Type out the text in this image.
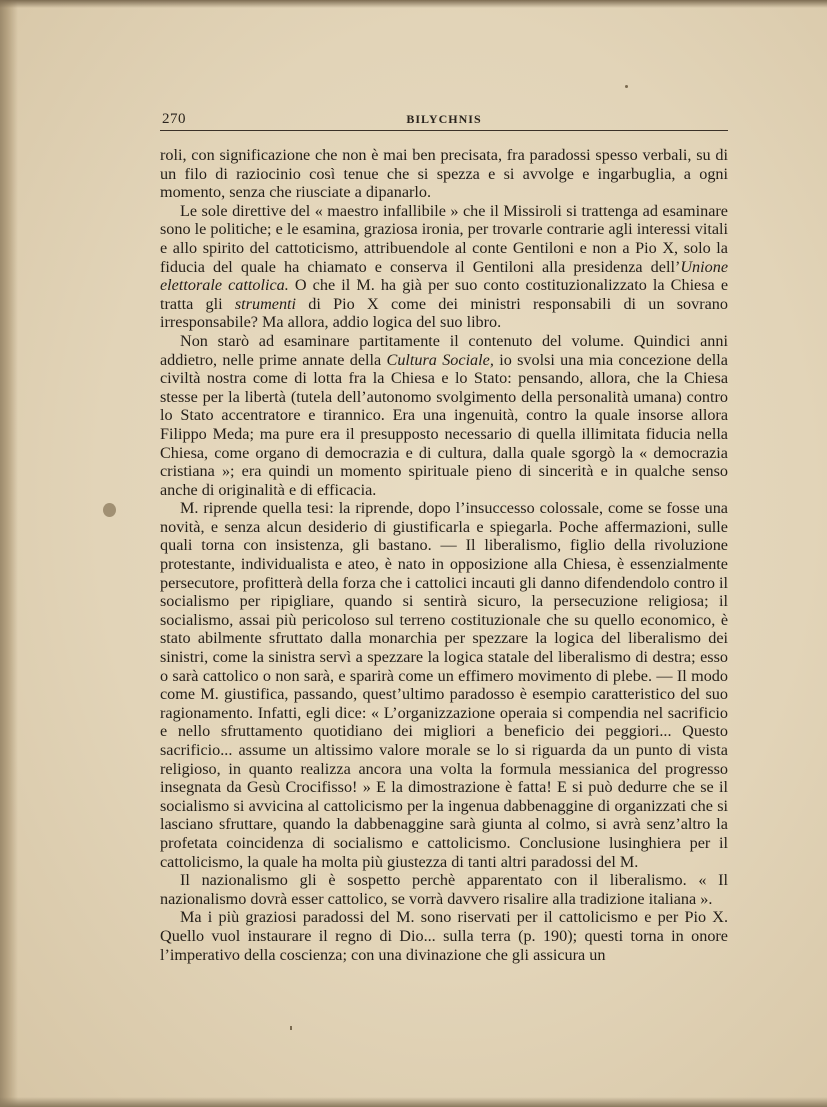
270	BILYCHNIS

roli, con significazione che non è mai ben precisata, fra paradossi spesso verbali, su di un filo di raziocinio così tenue che si spezza e si avvolge e ingarbuglia, a ogni momento, senza che riusciate a dipanarlo.

Le sole direttive del « maestro infallibile » che il Missiroli si trattenga ad esaminare sono le politiche; e le esamina, graziosa ironia, per trovarle contrarie agli interessi vitali e allo spirito del cattoticismo, attribuendole al conte Gentiloni e non a Pio X, solo la fiducia del quale ha chiamato e conserva il Gentiloni alla presidenza dell’Unione elettorale cattolica. O che il M. ha già per suo conto costituzionalizzato la Chiesa e tratta gli strumenti di Pio X come dei ministri responsabili di un sovrano irresponsabile? Ma allora, addio logica del suo libro.

Non starò ad esaminare partitamente il contenuto del volume. Quindici anni addietro, nelle prime annate della Cultura Sociale, io svolsi una mia concezione della civiltà nostra come di lotta fra la Chiesa e lo Stato: pensando, allora, che la Chiesa stesse per la libertà (tutela dell’autonomo svolgimento della personalità umana) contro lo Stato accentratore e tirannico. Era una ingenuità, contro la quale insorse allora Filippo Meda; ma pure era il presupposto necessario di quella illimitata fiducia nella Chiesa, come organo di democrazia e di cultura, dalla quale sgorgò la « democrazia cristiana »; era quindi un momento spirituale pieno di sincerità e in qualche senso anche di originalità e di efficacia.

M. riprende quella tesi: la riprende, dopo l’insuccesso colossale, come se fosse una novità, e senza alcun desiderio di giustificarla e spiegarla. Poche affermazioni, sulle quali torna con insistenza, gli bastano. — Il liberalismo, figlio della rivoluzione protestante, individualista e ateo, è nato in opposizione alla Chiesa, è essenzialmente persecutore, profitterà della forza che i cattolici incauti gli danno difendendolo contro il socialismo per ripigliare, quando si sentirà sicuro, la persecuzione religiosa; il socialismo, assai più pericoloso sul terreno costituzionale che su quello economico, è stato abilmente sfruttato dalla monarchia per spezzare la logica del liberalismo dei sinistri, come la sinistra servì a spezzare la logica statale del liberalismo di destra; esso o sarà cattolico o non sarà, e sparirà come un effimero movimento di plebe. — Il modo come M. giustifica, passando, quest’ultimo paradosso è esempio caratteristico del suo ragionamento. Infatti, egli dice: « L’organizzazione operaia si compendia nel sacrificio e nello sfruttamento quotidiano dei migliori a beneficio dei peggiori... Questo sacrificio... assume un altissimo valore morale se lo si riguarda da un punto di vista religioso, in quanto realizza ancora una volta la formula messianica del progresso insegnata da Gesù Crocifisso! » E la dimostrazione è fatta! E si può dedurre che se il socialismo si avvicina al cattolicismo per la ingenua dabbenaggine di organizzati che si lasciano sfruttare, quando la dabbenaggine sarà giunta al colmo, si avrà senz’altro la profetata coincidenza di socialismo e cattolicismo. Conclusione lusinghiera per il cattolicismo, la quale ha molta più giustezza di tanti altri paradossi del M.

Il nazionalismo gli è sospetto perchè apparentato con il liberalismo. « Il nazionalismo dovrà esser cattolico, se vorrà davvero risalire alla tradizione italiana ».

Ma i più graziosi paradossi del M. sono riservati per il cattolicismo e per Pio X. Quello vuol instaurare il regno di Dio... sulla terra (p. 190); questi torna in onore l’imperativo della coscienza; con una divinazione che gli assicura un
